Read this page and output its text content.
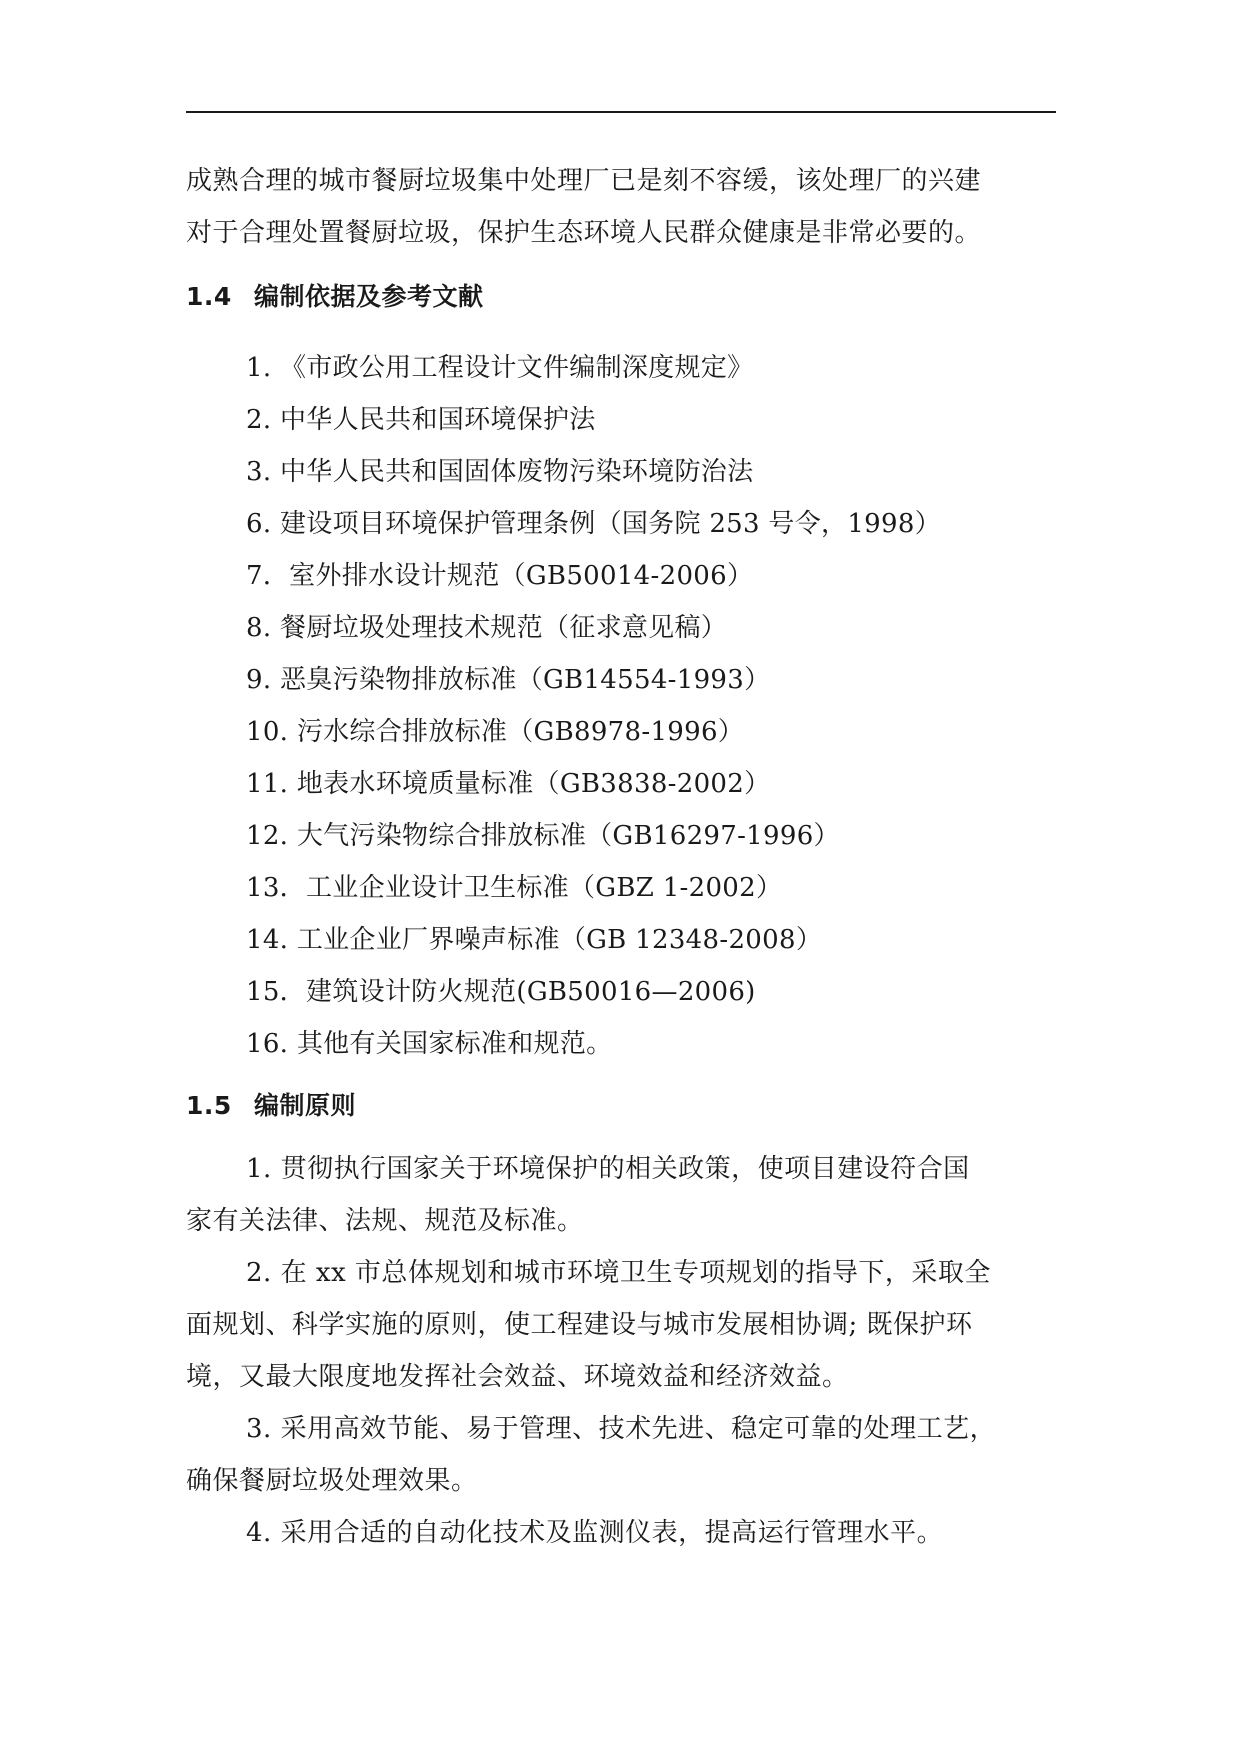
成熟合理的城市餐厨垃圾集中处理厂已是刻不容缓，该处理厂的兴建
对于合理处置餐厨垃圾，保护生态环境人民群众健康是非常必要的。

1.4 编制依据及参考文献
1. 《市政公用工程设计文件编制深度规定》
2. 中华人民共和国环境保护法
3. 中华人民共和国固体废物污染环境防治法
6. 建设项目环境保护管理条例（国务院 253 号令，1998）
7．室外排水设计规范（GB50014-2006）
8. 餐厨垃圾处理技术规范（征求意见稿）
9. 恶臭污染物排放标准（GB14554-1993）
10. 污水综合排放标准（GB8978-1996）
11. 地表水环境质量标准（GB3838-2002）
12. 大气污染物综合排放标准（GB16297-1996）
13．工业企业设计卫生标准（GBZ 1-2002）
14. 工业企业厂界噪声标准（GB 12348-2008）
15．建筑设计防火规范(GB50016—2006)
16. 其他有关国家标准和规范。
1.5 编制原则

1. 贯彻执行国家关于环境保护的相关政策，使项目建设符合国
家有关法律、法规、规范及标准。

2. 在 xx 市总体规划和城市环境卫生专项规划的指导下，采取全
面规划、科学实施的原则，使工程建设与城市发展相协调; 既保护环
境，又最大限度地发挥社会效益、环境效益和经济效益。

3. 采用高效节能、易于管理、技术先进、稳定可靠的处理工艺，
确保餐厨垃圾处理效果。

4. 采用合适的自动化技术及监测仪表，提高运行管理水平。
